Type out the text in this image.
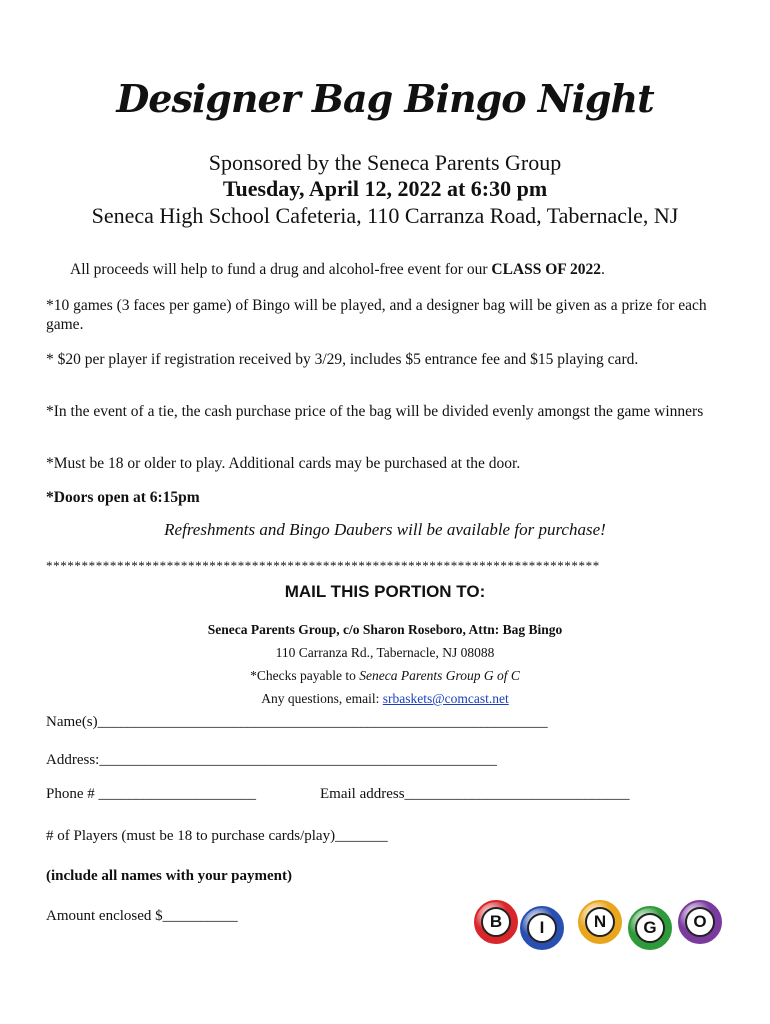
Designer Bag Bingo Night
Sponsored by the Seneca Parents Group
Tuesday, April 12, 2022 at 6:30 pm
Seneca High School Cafeteria, 110 Carranza Road, Tabernacle, NJ
All proceeds will help to fund a drug and alcohol-free event for our CLASS OF 2022.
*10 games (3 faces per game) of Bingo will be played, and a designer bag will be given as a prize for each game.
* $20 per player if registration received by 3/29, includes $5 entrance fee and $15 playing card.
*In the event of a tie, the cash purchase price of the bag will be divided evenly amongst the game winners
*Must be 18 or older to play. Additional cards may be purchased at the door.
*Doors open at 6:15pm
Refreshments and Bingo Daubers will be available for purchase!
******************************************************************************
MAIL THIS PORTION TO:
Seneca Parents Group, c/o Sharon Roseboro, Attn: Bag Bingo
110 Carranza Rd., Tabernacle, NJ 08088
*Checks payable to Seneca Parents Group G of C
Any questions, email: srbaskets@comcast.net
Name(s)____________________________________________________________
Address:_____________________________________________________
Phone # _____________________	Email address______________________________
# of Players (must be 18 to purchase cards/play)_______
(include all names with your payment)
Amount enclosed $__________	B	I	N	G	O
